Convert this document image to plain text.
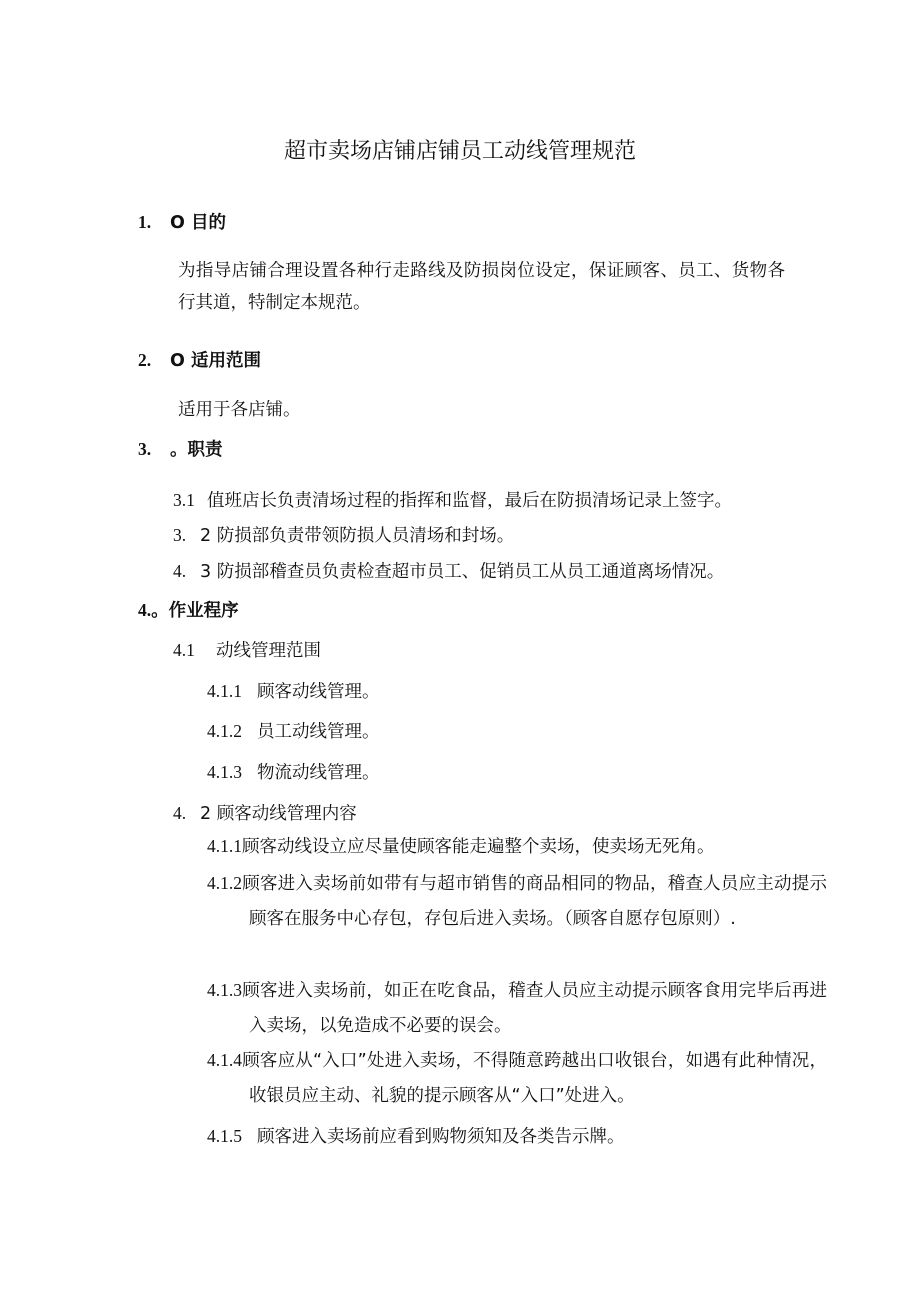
超市卖场店铺店铺员工动线管理规范
1. O 目的
为指导店铺合理设置各种行走路线及防损岗位设定，保证顾客、员工、货物各行其道，特制定本规范。
2. O 适用范围
适用于各店铺。
3. 。职责
3.1 值班店长负责清场过程的指挥和监督，最后在防损清场记录上签字。
3. 2 防损部负责带领防损人员清场和封场。
4. 3 防损部稽查员负责检查超市员工、促销员工从员工通道离场情况。
4.。作业程序
4.1 动线管理范围
4.1.1 顾客动线管理。
4.1.2 员工动线管理。
4.1.3 物流动线管理。
4. 2 顾客动线管理内容
4.1.1顾客动线设立应尽量使顾客能走遍整个卖场，使卖场无死角。
4.1.2顾客进入卖场前如带有与超市销售的商品相同的物品，稽查人员应主动提示顾客在服务中心存包，存包后进入卖场。（顾客自愿存包原则）.
4.1.3顾客进入卖场前，如正在吃食品，稽查人员应主动提示顾客食用完毕后再进入卖场，以免造成不必要的误会。
4.1.4顾客应从“入口”处进入卖场，不得随意跨越出口收银台，如遇有此种情况，收银员应主动、礼貌的提示顾客从“入口”处进入。
4.1.5 顾客进入卖场前应看到购物须知及各类告示牌。
